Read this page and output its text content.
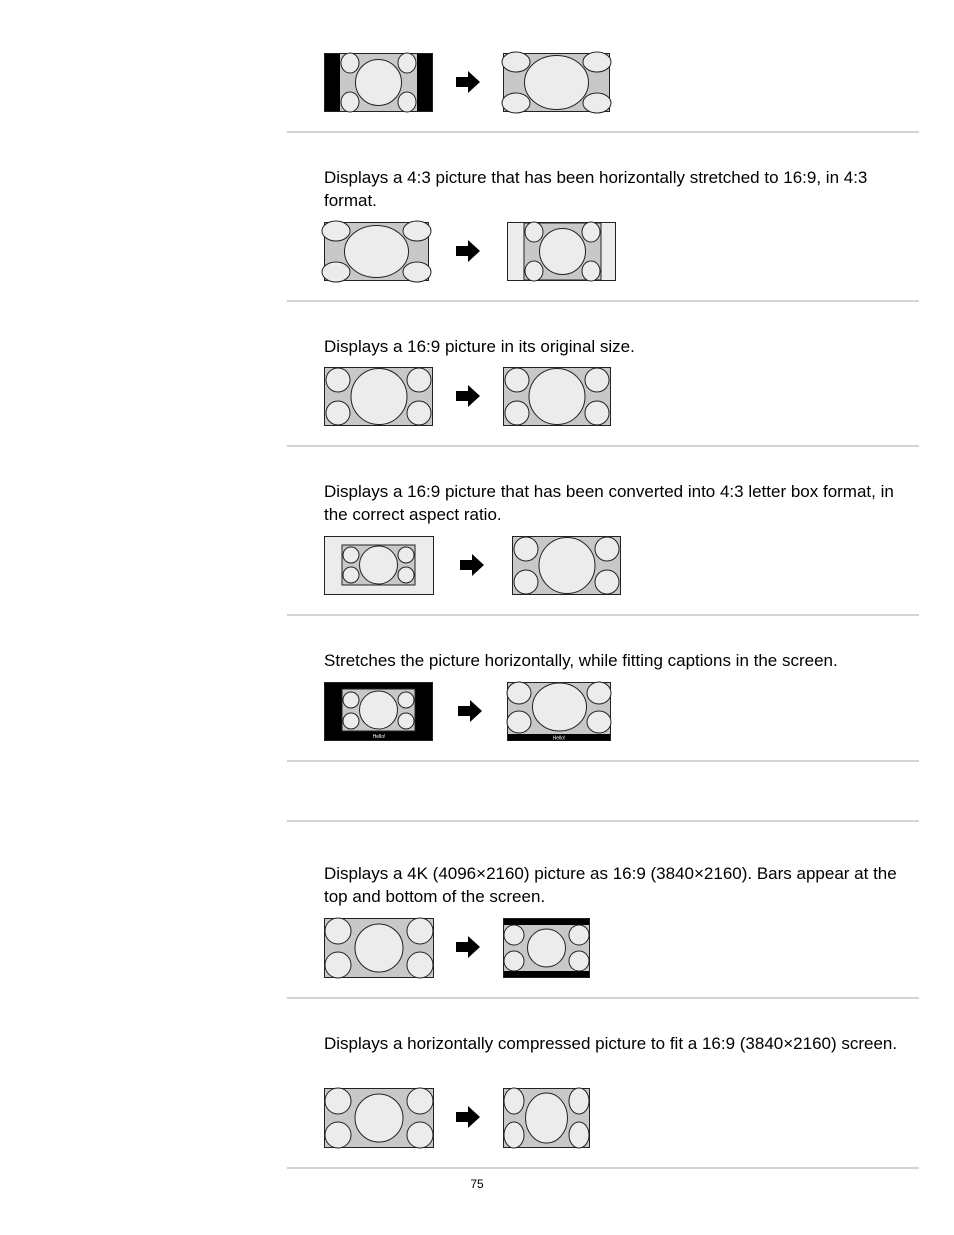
Displays a 4:3 picture that has been horizontally stretched to 16:9, in 4:3 format.

Displays a 16:9 picture in its original size.

Displays a 16:9 picture that has been converted into 4:3 letter box format, in the correct aspect ratio.

Stretches the picture horizontally, while fitting captions in the screen.

Hello!	Hello!

Displays a 4K (4096×2160) picture as 16:9 (3840×2160). Bars appear at the top and bottom of the screen.

Displays a horizontally compressed picture to fit a 16:9 (3840×2160) screen.

75
